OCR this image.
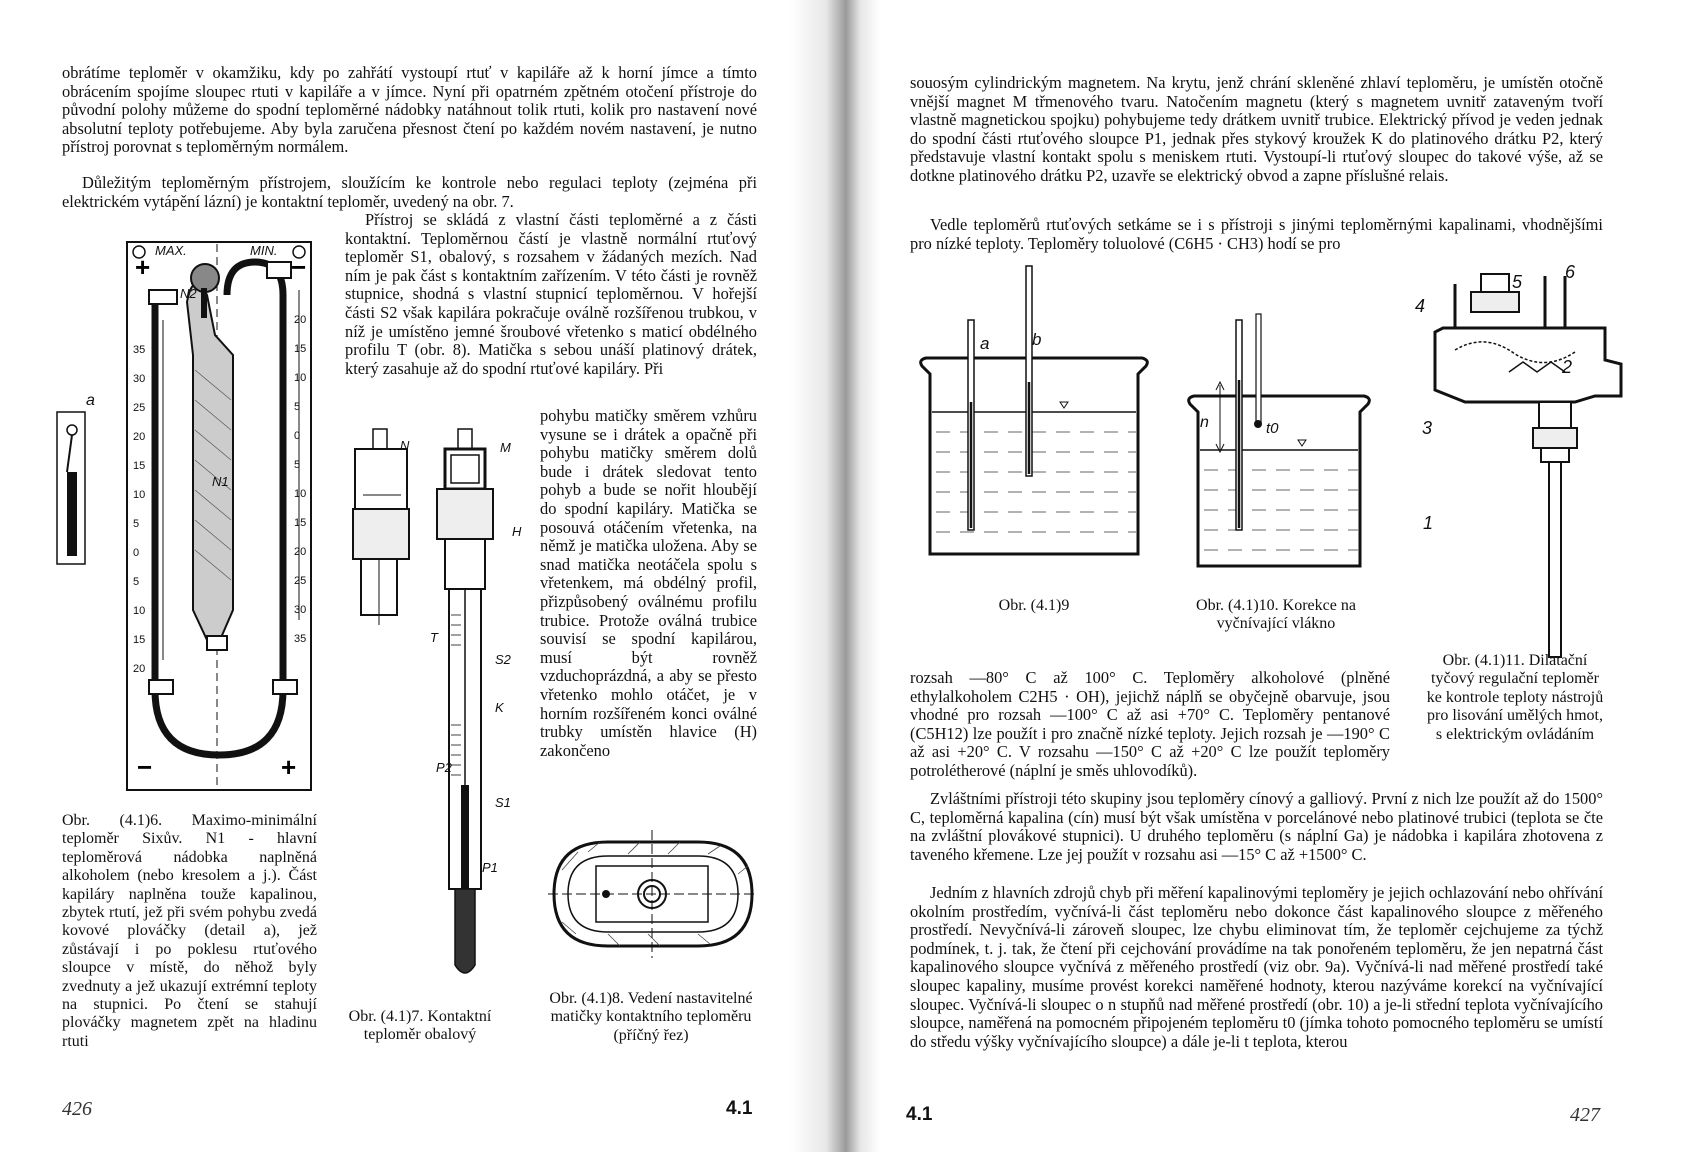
obrátíme teploměr v okamžiku, kdy po zahřátí vystoupí rtuť v kapiláře až k horní jímce a tímto obrácením spojíme sloupec rtuti v kapiláře a v jímce. Nyní při opatrném zpětném otočení přístroje do původní polohy můžeme do spodní teploměrné nádobky natáhnout tolik rtuti, kolik pro nastavení nové absolutní teploty potřebujeme. Aby byla zaručena přesnost čtení po každém novém nastavení, je nutno přístroj porovnat s teploměrným normálem.

Důležitým teploměrným přístrojem, sloužícím ke kontrole nebo regulaci teploty (zejména při elektrickém vytápění lázní) je kontaktní teploměr, uvedený na obr. 7.

Přístroj se skládá z vlastní části teploměrné a z části kontaktní. Teploměrnou částí je vlastně normální rtuťový teploměr S1, obalový, s rozsahem v žádaných mezích. Nad ním je pak část s kontaktním zařízením. V této části je rovněž stupnice, shodná s vlastní stupnicí teploměrnou. V hořejší části S2 však kapilára pokračuje oválně rozšířenou trubkou, v níž je umístěno jemné šroubové vřetenko s maticí obdélného profilu T (obr. 8). Matička s sebou unáší platinový drátek, který zasahuje až do spodní rtuťové kapiláry. Při

pohybu matičky směrem vzhůru vysune se i drátek a opačně při pohybu matičky směrem dolů bude i drátek sledovat tento pohyb a bude se nořit hloubějí do spodní kapiláry. Matička se posouvá otáčením vřetenka, na němž je matička uložena. Aby se snad matička neotáčela spolu s vřetenkem, má obdélný profil, přizpůsobený oválnému profilu trubice. Protože oválná trubice souvisí se spodní kapilárou, musí být rovněž vzduchoprázdná, a aby se přesto vřetenko mohlo otáčet, je v horním rozšířeném konci oválné trubky umístěn hlavice (H) zakončeno

+	−
−	+
MAX.	MIN.
N2
N1
a
35
30
25
20
15
10
5
0
5
10
15
20
20
15
10
5
0
5
10
15
20
25
30
35

Obr. (4.1)6. Maximo-minimální teploměr Sixův. N1 - hlavní teploměrová nádobka naplněná alkoholem (nebo kresolem a j.). Část kapiláry naplněna touže kapalinou, zbytek rtutí, jež při svém pohybu zvedá kovové plováčky (detail a), jež zůstávají i po poklesu rtuťového sloupce v místě, do něhož byly zvednuty a jež ukazují extrémní teploty na stupnici. Po čtení se stahují plováčky magnetem zpět na hladinu rtuti

N	M
H
T
S2
K
P2
S1
P1

Obr. (4.1)7. Kontaktní teploměr obalový

Obr. (4.1)8. Vedení nastavitelné matičky kontaktního teploměru (příčný řez)

426	4.1

souosým cylindrickým magnetem. Na krytu, jenž chrání skleněné zhlaví teploměru, je umístěn otočně vnější magnet M třmenového tvaru. Natočením magnetu (který s magnetem uvnitř zataveným tvoří vlastně magnetickou spojku) pohybujeme tedy drátkem uvnitř trubice. Elektrický přívod je veden jednak do spodní části rtuťového sloupce P1, jednak přes stykový kroužek K do platinového drátku P2, který představuje vlastní kontakt spolu s meniskem rtuti. Vystoupí-li rtuťový sloupec do takové výše, až se dotkne platinového drátku P2, uzavře se elektrický obvod a zapne příslušné relais.

Vedle teploměrů rtuťových setkáme se i s přístroji s jinými teploměrnými kapalinami, vhodnějšími pro nízké teploty. Teploměry toluolové (C6H5 · CH3) hodí se pro

a	b

Obr. (4.1)9

n	t0

Obr. (4.1)10. Korekce na vyčnívající vlákno

1
2
3
4
5 6

Obr. (4.1)11. Dilatační tyčový regulační teploměr ke kontrole teploty nástrojů pro lisování umělých hmot, s elektrickým ovládáním

rozsah —80° C až 100° C. Teploměry alkoholové (plněné ethylalkoholem C2H5 · OH), jejichž náplň se obyčejně obarvuje, jsou vhodné pro rozsah —100° C až asi +70° C. Teploměry pentanové (C5H12) lze použít i pro značně nízké teploty. Jejich rozsah je —190° C až asi +20° C. V rozsahu —150° C až +20° C lze použít teploměry potrolétherové (náplní je směs uhlovodíků).

Zvláštními přístroji této skupiny jsou teploměry cínový a galliový. První z nich lze použít až do 1500° C, teploměrná kapalina (cín) musí být však umístěna v porcelánové nebo platinové trubici (teplota se čte na zvláštní plovákové stupnici). U druhého teploměru (s náplní Ga) je nádobka i kapilára zhotovena z taveného křemene. Lze jej použít v rozsahu asi —15° C až +1500° C.

Jedním z hlavních zdrojů chyb při měření kapalinovými teploměry je jejich ochlazování nebo ohřívání okolním prostředím, vyčnívá-li část teploměru nebo dokonce část kapalinového sloupce z měřeného prostředí. Nevyčnívá-li zároveň sloupec, lze chybu eliminovat tím, že teploměr cejchujeme za týchž podmínek, t. j. tak, že čtení při cejchování provádíme na tak ponořeném teploměru, že jen nepatrná část kapalinového sloupce vyčnívá z měřeného prostředí (viz obr. 9a). Vyčnívá-li nad měřené prostředí také sloupec kapaliny, musíme provést korekci naměřené hodnoty, kterou nazýváme korekcí na vyčnívající sloupec. Vyčnívá-li sloupec o n stupňů nad měřené prostředí (obr. 10) a je-li střední teplota vyčnívajícího sloupce, naměřená na pomocném připojeném teploměru t0 (jímka tohoto pomocného teploměru se umístí do středu výšky vyčnívajícího sloupce) a dále je-li t teplota, kterou

4.1	427
